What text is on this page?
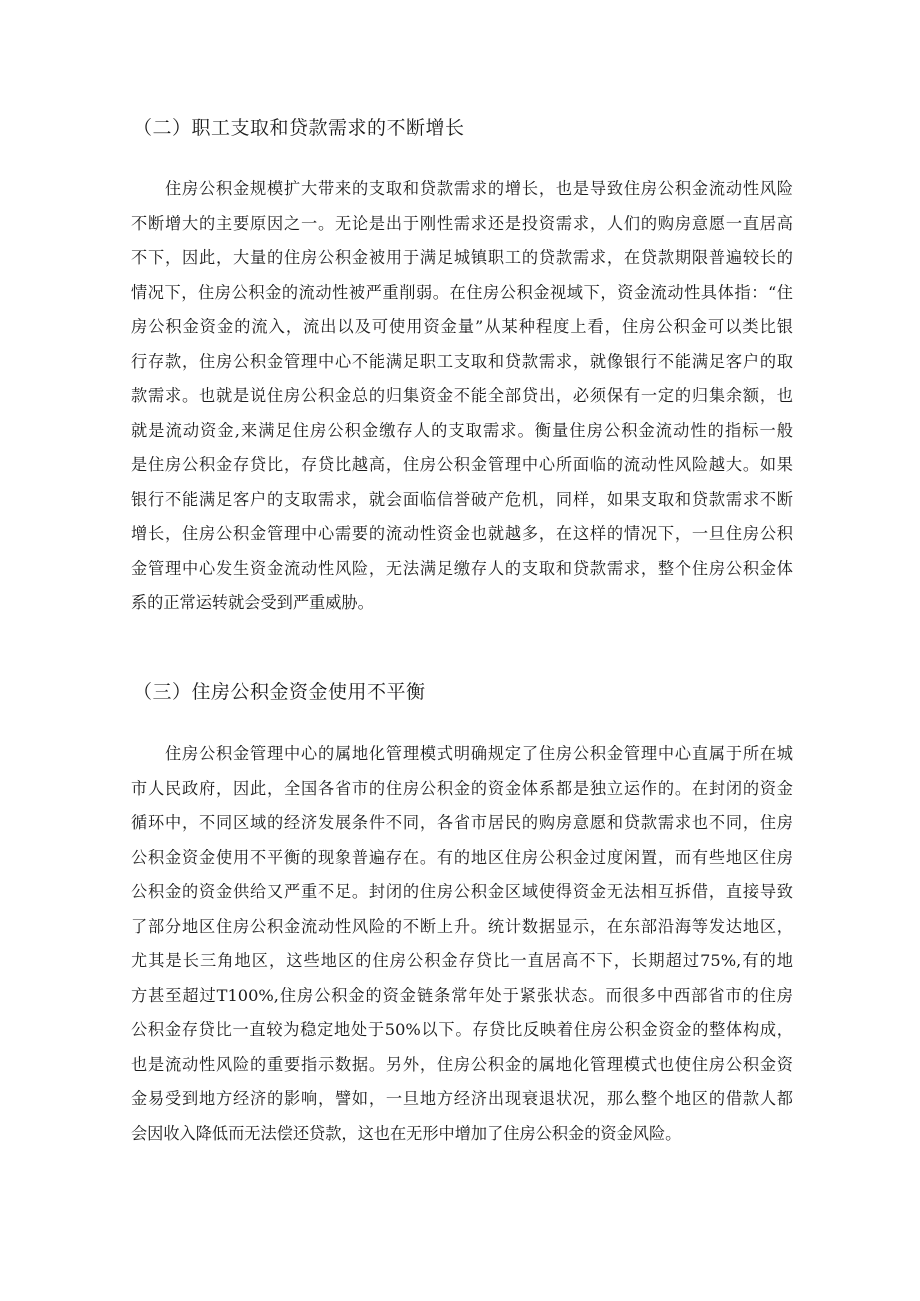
（二）职工支取和贷款需求的不断增长
住房公积金规模扩大带来的支取和贷款需求的增长，也是导致住房公积金流动性风险
不断增大的主要原因之一。无论是出于刚性需求还是投资需求，人们的购房意愿一直居高
不下，因此，大量的住房公积金被用于满足城镇职工的贷款需求，在贷款期限普遍较长的
情况下，住房公积金的流动性被严重削弱。在住房公积金视域下，资金流动性具体指：“住
房公积金资金的流入，流出以及可使用资金量”从某种程度上看，住房公积金可以类比银
行存款，住房公积金管理中心不能满足职工支取和贷款需求，就像银行不能满足客户的取
款需求。也就是说住房公积金总的归集资金不能全部贷出，必须保有一定的归集余额，也
就是流动资金,来满足住房公积金缴存人的支取需求。衡量住房公积金流动性的指标一般
是住房公积金存贷比，存贷比越高，住房公积金管理中心所面临的流动性风险越大。如果
银行不能满足客户的支取需求，就会面临信誉破产危机，同样，如果支取和贷款需求不断
增长，住房公积金管理中心需要的流动性资金也就越多，在这样的情况下，一旦住房公积
金管理中心发生资金流动性风险，无法满足缴存人的支取和贷款需求，整个住房公积金体
系的正常运转就会受到严重威胁。
（三）住房公积金资金使用不平衡
住房公积金管理中心的属地化管理模式明确规定了住房公积金管理中心直属于所在城
市人民政府，因此，全国各省市的住房公积金的资金体系都是独立运作的。在封闭的资金
循环中，不同区域的经济发展条件不同，各省市居民的购房意愿和贷款需求也不同，住房
公积金资金使用不平衡的现象普遍存在。有的地区住房公积金过度闲置，而有些地区住房
公积金的资金供给又严重不足。封闭的住房公积金区域使得资金无法相互拆借，直接导致
了部分地区住房公积金流动性风险的不断上升。统计数据显示，在东部沿海等发达地区，
尤其是长三角地区，这些地区的住房公积金存贷比一直居高不下，长期超过75%,有的地
方甚至超过T100%,住房公积金的资金链条常年处于紧张状态。而很多中西部省市的住房
公积金存贷比一直较为稳定地处于50%以下。存贷比反映着住房公积金资金的整体构成，
也是流动性风险的重要指示数据。另外，住房公积金的属地化管理模式也使住房公积金资
金易受到地方经济的影响，譬如，一旦地方经济出现衰退状况，那么整个地区的借款人都
会因收入降低而无法偿还贷款，这也在无形中增加了住房公积金的资金风险。
